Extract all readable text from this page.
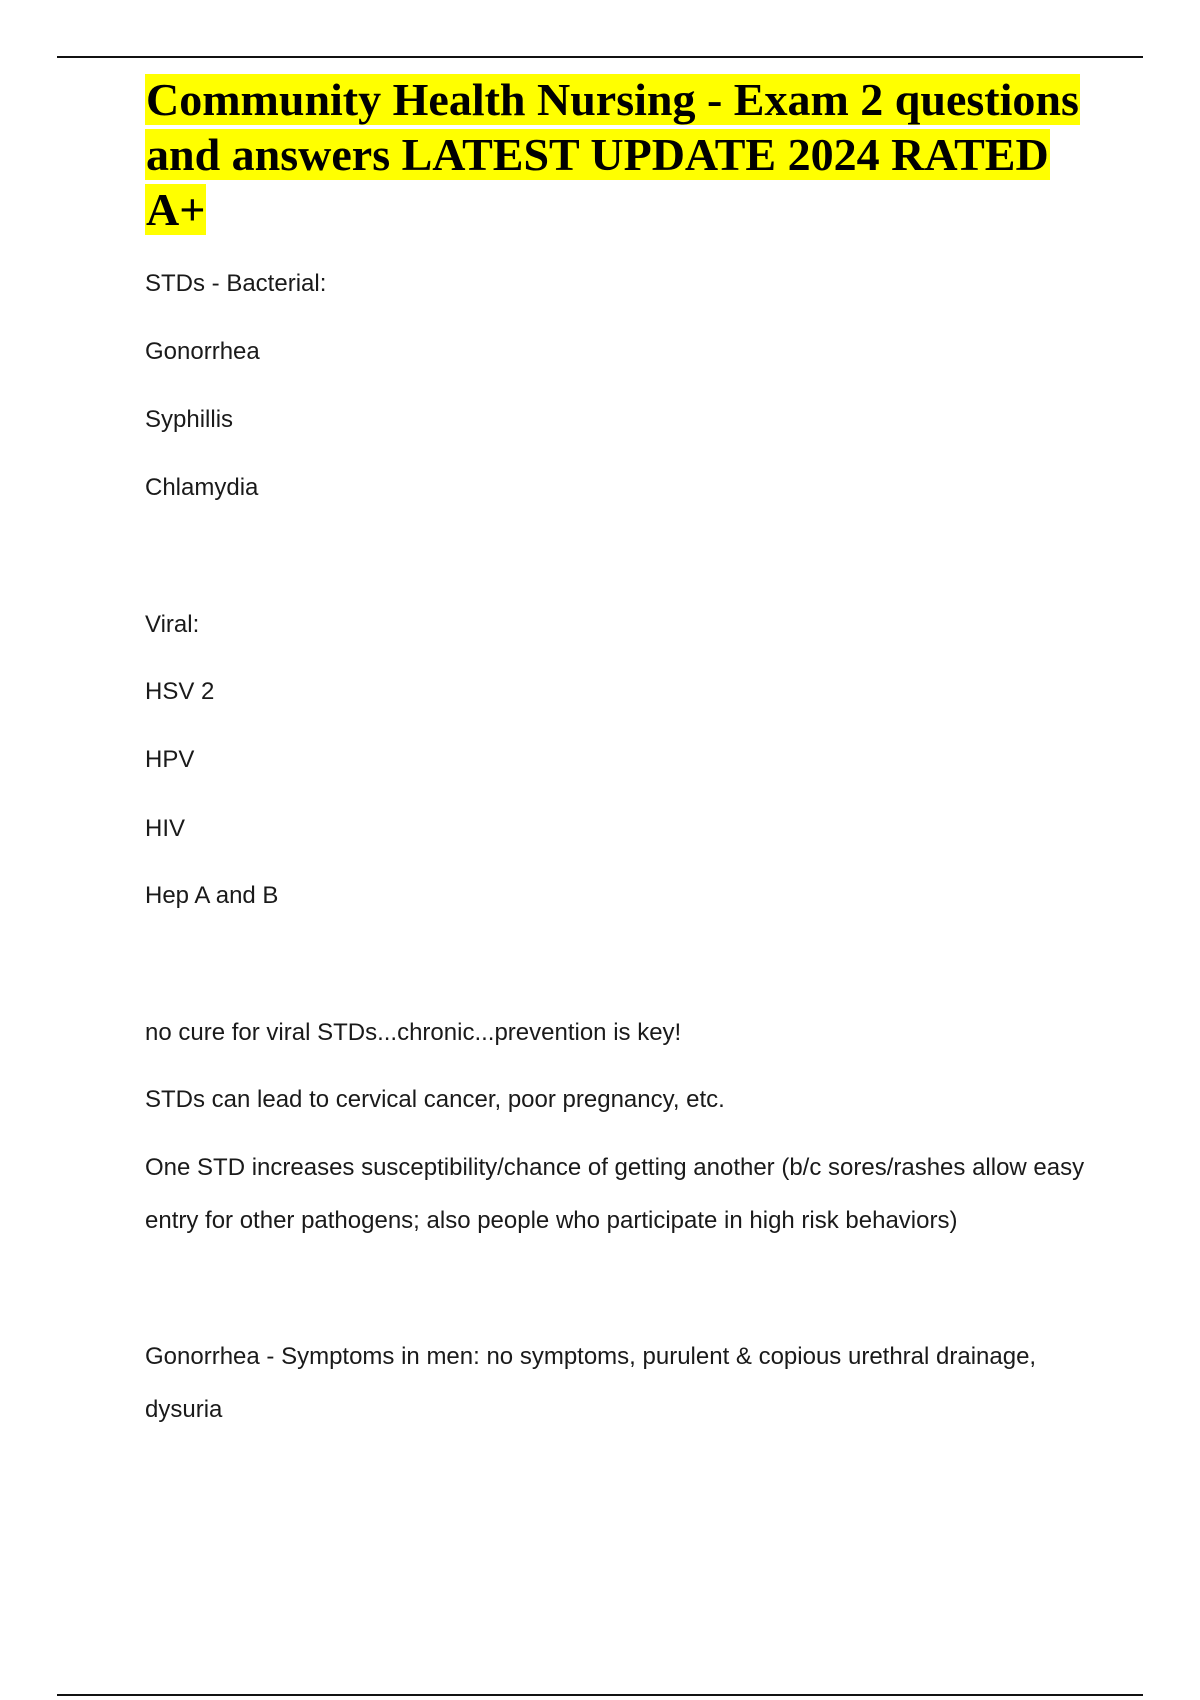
Community Health Nursing - Exam 2 questions and answers LATEST UPDATE 2024 RATED A+

STDs - Bacterial:

Gonorrhea

Syphillis

Chlamydia

Viral:

HSV 2

HPV

HIV

Hep A and B

no cure for viral STDs...chronic...prevention is key!

STDs can lead to cervical cancer, poor pregnancy, etc.

One STD increases susceptibility/chance of getting another (b/c sores/rashes allow easy entry for other pathogens; also people who participate in high risk behaviors)

Gonorrhea - Symptoms in men: no symptoms, purulent & copious urethral drainage, dysuria
